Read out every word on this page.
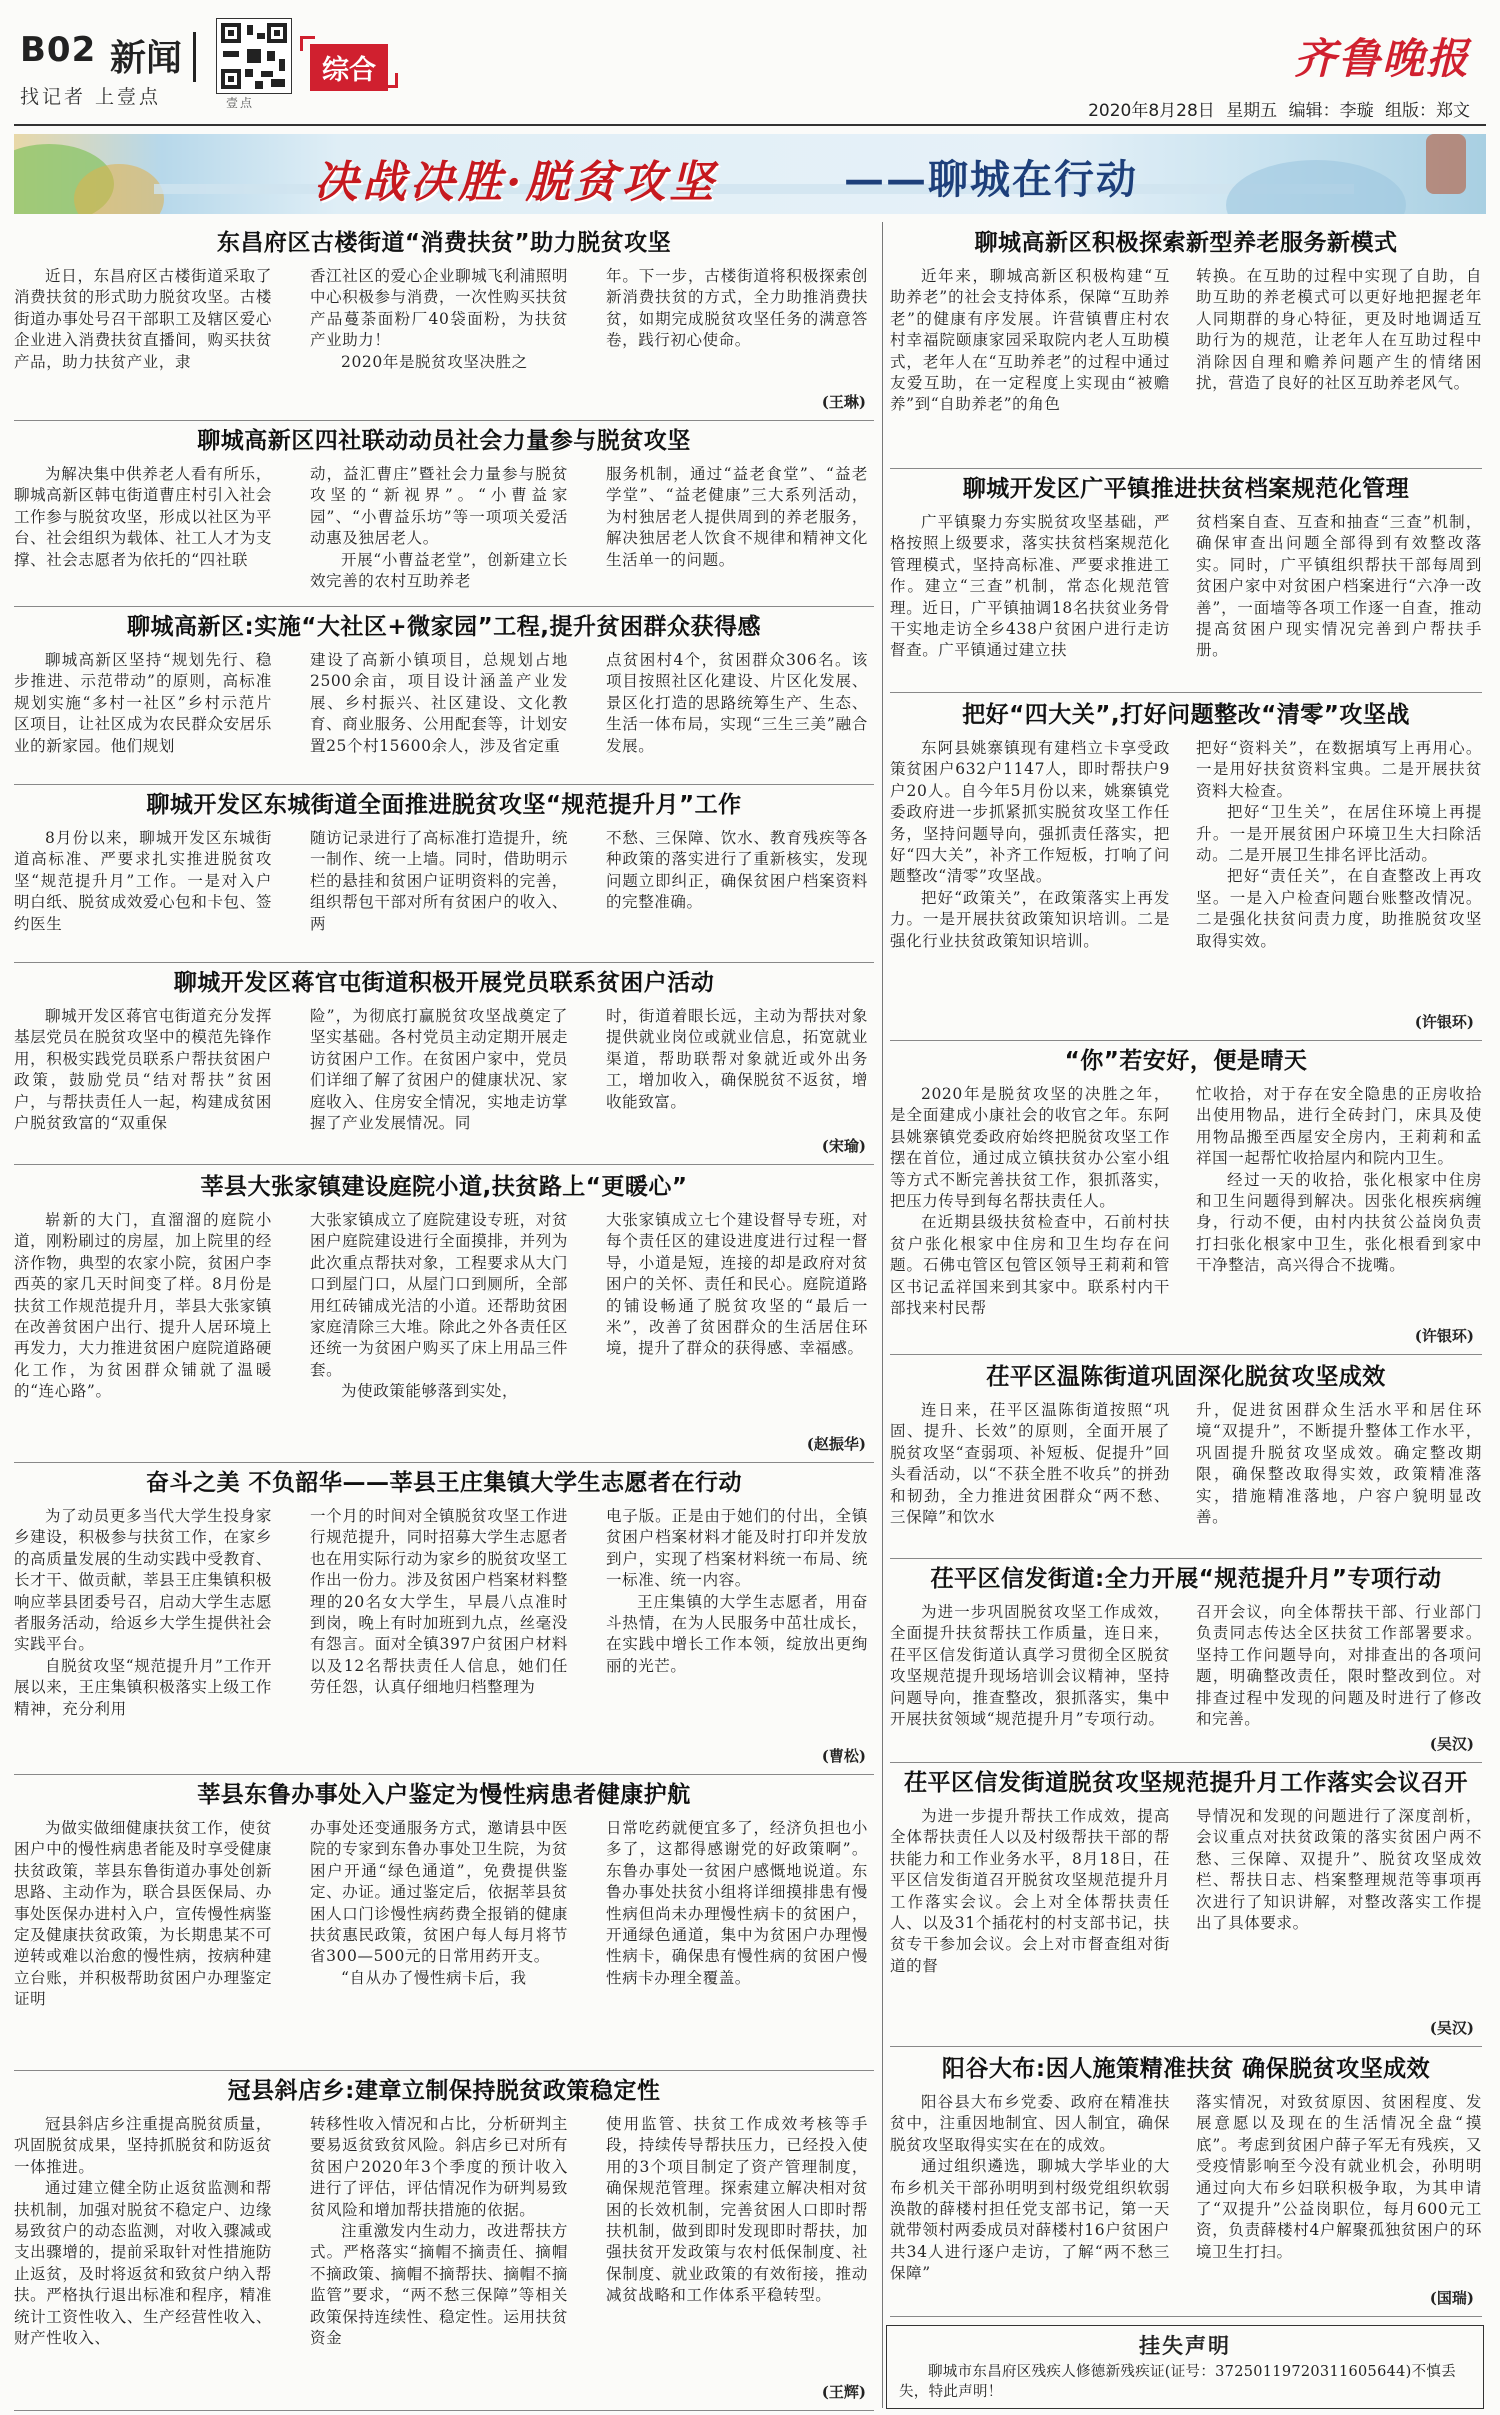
B02 新闻
找记者 上壹点	壹点
综合	齐鲁晚报
2020年8月28日 星期五 编辑：李璇 组版：郑文
决战决胜·脱贫攻坚	——聊城在行动
东昌府区古楼街道“消费扶贫”助力脱贫攻坚

近日，东昌府区古楼街道采取了消费扶贫的形式助力脱贫攻坚。古楼街道办事处号召干部职工及辖区爱心企业进入消费扶贫直播间，购买扶贫产品，助力扶贫产业，隶

香江社区的爱心企业聊城飞利浦照明中心积极参与消费，一次性购买扶贫产品蔓荼面粉厂40袋面粉，为扶贫产业助力！

2020年是脱贫攻坚决胜之

年。下一步，古楼街道将积极探索创新消费扶贫的方式，全力助推消费扶贫，如期完成脱贫攻坚任务的满意答卷，践行初心使命。

(王琳)
聊城高新区四社联动动员社会力量参与脱贫攻坚

为解决集中供养老人看有所乐，聊城高新区韩屯街道曹庄村引入社会工作参与脱贫攻坚，形成以社区为平台、社会组织为载体、社工人才为支撑、社会志愿者为依托的“四社联

动，益汇曹庄”暨社会力量参与脱贫攻坚的“新视界”。“小曹益家园”、“小曹益乐坊”等一项项关爱活动惠及独居老人。

开展“小曹益老堂”，创新建立长效完善的农村互助养老

服务机制，通过“益老食堂”、“益老学堂”、“益老健康”三大系列活动，为村独居老人提供周到的养老服务，解决独居老人饮食不规律和精神文化生活单一的问题。

聊城高新区:实施“大社区+微家园”工程,提升贫困群众获得感

聊城高新区坚持“规划先行、稳步推进、示范带动”的原则，高标准规划实施“多村一社区”乡村示范片区项目，让社区成为农民群众安居乐业的新家园。他们规划

建设了高新小镇项目，总规划占地2500余亩，项目设计涵盖产业发展、乡村振兴、社区建设、文化教育、商业服务、公用配套等，计划安置25个村15600余人，涉及省定重

点贫困村4个，贫困群众306名。该项目按照社区化建设、片区化发展、景区化打造的思路统筹生产、生态、生活一体布局，实现“三生三美”融合发展。

聊城开发区东城街道全面推进脱贫攻坚“规范提升月”工作

8月份以来，聊城开发区东城街道高标准、严要求扎实推进脱贫攻坚“规范提升月”工作。一是对入户明白纸、脱贫成效爱心包和卡包、签约医生

随访记录进行了高标准打造提升，统一制作、统一上墙。同时，借助明示栏的悬挂和贫困户证明资料的完善，组织帮包干部对所有贫困户的收入、两

不愁、三保障、饮水、教育残疾等各种政策的落实进行了重新核实，发现问题立即纠正，确保贫困户档案资料的完整准确。

聊城开发区蒋官屯街道积极开展党员联系贫困户活动

聊城开发区蒋官屯街道充分发挥基层党员在脱贫攻坚中的模范先锋作用，积极实践党员联系户帮扶贫困户政策，鼓励党员“结对帮扶”贫困户，与帮扶责任人一起，构建成贫困户脱贫致富的“双重保

险”，为彻底打赢脱贫攻坚战奠定了坚实基础。各村党员主动定期开展走访贫困户工作。在贫困户家中，党员们详细了解了贫困户的健康状况、家庭收入、住房安全情况，实地走访掌握了产业发展情况。同

时，街道着眼长远，主动为帮扶对象提供就业岗位或就业信息，拓宽就业渠道，帮助联帮对象就近或外出务工，增加收入，确保脱贫不返贫，增收能致富。

(宋瑜)
莘县大张家镇建设庭院小道,扶贫路上“更暖心”

崭新的大门，直溜溜的庭院小道，刚粉刷过的房屋，加上院里的经济作物，典型的农家小院，贫困户李西英的家几天时间变了样。8月份是扶贫工作规范提升月，莘县大张家镇在改善贫困户出行、提升人居环境上再发力，大力推进贫困户庭院道路硬化工作，为贫困群众铺就了温暖的“连心路”。

大张家镇成立了庭院建设专班，对贫困户庭院建设进行全面摸排，并列为此次重点帮扶对象，工程要求从大门口到屋门口，从屋门口到厕所，全部用红砖铺成光洁的小道。还帮助贫困家庭清除三大堆。除此之外各责任区还统一为贫困户购买了床上用品三件套。

为使政策能够落到实处，

大张家镇成立七个建设督导专班，对每个责任区的建设进度进行过程一督导，小道是短，连接的却是政府对贫困户的关怀、责任和民心。庭院道路的铺设畅通了脱贫攻坚的“最后一米”，改善了贫困群众的生活居住环境，提升了群众的获得感、幸福感。

(赵振华)
奋斗之美 不负韶华——莘县王庄集镇大学生志愿者在行动

为了动员更多当代大学生投身家乡建设，积极参与扶贫工作，在家乡的高质量发展的生动实践中受教育、长才干、做贡献，莘县王庄集镇积极响应莘县团委号召，启动大学生志愿者服务活动，给返乡大学生提供社会实践平台。

自脱贫攻坚“规范提升月”工作开展以来，王庄集镇积极落实上级工作精神，充分利用

一个月的时间对全镇脱贫攻坚工作进行规范提升，同时招募大学生志愿者也在用实际行动为家乡的脱贫攻坚工作出一份力。涉及贫困户档案材料整理的20名女大学生，早晨八点准时到岗，晚上有时加班到九点，丝毫没有怨言。面对全镇397户贫困户材料以及12名帮扶责任人信息，她们任劳任怨，认真仔细地归档整理为

电子版。正是由于她们的付出，全镇贫困户档案材料才能及时打印并发放到户，实现了档案材料统一布局、统一标准、统一内容。

王庄集镇的大学生志愿者，用奋斗热情，在为人民服务中茁壮成长，在实践中增长工作本领，绽放出更绚丽的光芒。

(曹松)
莘县东鲁办事处入户鉴定为慢性病患者健康护航

为做实做细健康扶贫工作，使贫困户中的慢性病患者能及时享受健康扶贫政策，莘县东鲁街道办事处创新思路、主动作为，联合县医保局、办事处医保办进村入户，宣传慢性病鉴定及健康扶贫政策，为长期患某不可逆转或难以治愈的慢性病，按病种建立台账，并积极帮助贫困户办理鉴定证明

办事处还变通服务方式，邀请县中医院的专家到东鲁办事处卫生院，为贫困户开通“绿色通道”，免费提供鉴定、办证。通过鉴定后，依据莘县贫困人口门诊慢性病药费全报销的健康扶贫惠民政策，贫困户每人每月将节省300—500元的日常用药开支。

“自从办了慢性病卡后，我

日常吃药就便宜多了，经济负担也小多了，这都得感谢党的好政策啊”。东鲁办事处一贫困户感慨地说道。东鲁办事处扶贫小组将详细摸排患有慢性病但尚未办理慢性病卡的贫困户，开通绿色通道，集中为贫困户办理慢性病卡，确保患有慢性病的贫困户慢性病卡办理全覆盖。

冠县斜店乡:建章立制保持脱贫政策稳定性

冠县斜店乡注重提高脱贫质量，巩固脱贫成果，坚持抓脱贫和防返贫一体推进。

通过建立健全防止返贫监测和帮扶机制，加强对脱贫不稳定户、边缘易致贫户的动态监测，对收入骤减或支出骤增的，提前采取针对性措施防止返贫，及时将返贫和致贫户纳入帮扶。严格执行退出标准和程序，精准统计工资性收入、生产经营性收入、财产性收入、

转移性收入情况和占比，分析研判主要易返贫致贫风险。斜店乡已对所有贫困户2020年3个季度的预计收入进行了评估，评估情况作为研判易致贫风险和增加帮扶措施的依据。

注重激发内生动力，改进帮扶方式。严格落实“摘帽不摘责任、摘帽不摘政策、摘帽不摘帮扶、摘帽不摘监管”要求，“两不愁三保障”等相关政策保持连续性、稳定性。运用扶贫资金

使用监管、扶贫工作成效考核等手段，持续传导帮扶压力，已经投入使用的3个项目制定了资产管理制度，确保规范管理。探索建立解决相对贫困的长效机制，完善贫困人口即时帮扶机制，做到即时发现即时帮扶，加强扶贫开发政策与农村低保制度、社保制度、就业政策的有效衔接，推动减贫战略和工作体系平稳转型。

(王辉)
聊城高新区积极探索新型养老服务新模式

近年来，聊城高新区积极构建“互助养老”的社会支持体系，保障“互助养老”的健康有序发展。许营镇曹庄村农村幸福院颐康家园采取院内老人互助模式，老年人在“互助养老”的过程中通过友爱互助，在一定程度上实现由“被赡养”到“自助养老”的角色

转换。在互助的过程中实现了自助，自助互助的养老模式可以更好地把握老年人同期群的身心特征，更及时地调适互助行为的规范，让老年人在互助过程中消除因自理和赡养问题产生的情绪困扰，营造了良好的社区互助养老风气。

聊城开发区广平镇推进扶贫档案规范化管理

广平镇聚力夯实脱贫攻坚基础，严格按照上级要求，落实扶贫档案规范化管理模式，坚持高标准、严要求推进工作。建立“三查”机制，常态化规范管理。近日，广平镇抽调18名扶贫业务骨干实地走访全乡438户贫困户进行走访督查。广平镇通过建立扶

贫档案自查、互查和抽查“三查”机制，确保审查出问题全部得到有效整改落实。同时，广平镇组织帮扶干部每周到贫困户家中对贫困户档案进行“六净一改善”，一面墙等各项工作逐一自查，推动提高贫困户现实情况完善到户帮扶手册。

把好“四大关”,打好问题整改“清零”攻坚战

东阿县姚寨镇现有建档立卡享受政策贫困户632户1147人，即时帮扶户9户20人。自今年5月份以来，姚寨镇党委政府进一步抓紧抓实脱贫攻坚工作任务，坚持问题导向，强抓责任落实，把好“四大关”，补齐工作短板，打响了问题整改“清零”攻坚战。

把好“政策关”，在政策落实上再发力。一是开展扶贫政策知识培训。二是强化行业扶贫政策知识培训。

把好“资料关”，在数据填写上再用心。一是用好扶贫资料宝典。二是开展扶贫资料大检查。

把好“卫生关”，在居住环境上再提升。一是开展贫困户环境卫生大扫除活动。二是开展卫生排名评比活动。

把好“责任关”，在自查整改上再攻坚。一是入户检查问题台账整改情况。二是强化扶贫问责力度，助推脱贫攻坚取得实效。

(许银环)
“你”若安好，便是晴天

2020年是脱贫攻坚的决胜之年，是全面建成小康社会的收官之年。东阿县姚寨镇党委政府始终把脱贫攻坚工作摆在首位，通过成立镇扶贫办公室小组等方式不断完善扶贫工作，狠抓落实，把压力传导到每名帮扶责任人。

在近期县级扶贫检查中，石前村扶贫户张化根家中住房和卫生均存在问题。石佛屯管区包管区领导王莉莉和管区书记孟祥国来到其家中。联系村内干部找来村民帮

忙收拾，对于存在安全隐患的正房收拾出使用物品，进行全砖封门，床具及使用物品搬至西屋安全房内，王莉莉和孟祥国一起帮忙收拾屋内和院内卫生。

经过一天的收拾，张化根家中住房和卫生问题得到解决。因张化根疾病缠身，行动不便，由村内扶贫公益岗负责打扫张化根家中卫生，张化根看到家中干净整洁，高兴得合不拢嘴。

(许银环)
茌平区温陈街道巩固深化脱贫攻坚成效

连日来，茌平区温陈街道按照“巩固、提升、长效”的原则，全面开展了脱贫攻坚“查弱项、补短板、促提升”回头看活动，以“不获全胜不收兵”的拼劲和韧劲，全力推进贫困群众“两不愁、三保障”和饮水

升，促进贫困群众生活水平和居住环境“双提升”，不断提升整体工作水平，巩固提升脱贫攻坚成效。确定整改期限，确保整改取得实效，政策精准落实，措施精准落地，户容户貌明显改善。

茌平区信发街道:全力开展“规范提升月”专项行动

为进一步巩固脱贫攻坚工作成效，全面提升扶贫帮扶工作质量，连日来，茌平区信发街道认真学习贯彻全区脱贫攻坚规范提升现场培训会议精神，坚持问题导向，推查整改，狠抓落实，集中开展扶贫领域“规范提升月”专项行动。

召开会议，向全体帮扶干部、行业部门负责同志传达全区扶贫工作部署要求。坚持工作问题导向，对排查出的各项问题，明确整改责任，限时整改到位。对排查过程中发现的问题及时进行了修改和完善。

(吴汉)
茌平区信发街道脱贫攻坚规范提升月工作落实会议召开

为进一步提升帮扶工作成效，提高全体帮扶责任人以及村级帮扶干部的帮扶能力和工作业务水平，8月18日，茌平区信发街道召开脱贫攻坚规范提升月工作落实会议。会上对全体帮扶责任人、以及31个插花村的村支部书记，扶贫专干参加会议。会上对市督查组对街道的督

导情况和发现的问题进行了深度剖析，会议重点对扶贫政策的落实贫困户两不愁、三保障、双提升”、脱贫攻坚成效栏、帮扶日志、档案整理规范等事项再次进行了知识讲解，对整改落实工作提出了具体要求。

(吴汉)
阳谷大布:因人施策精准扶贫 确保脱贫攻坚成效

阳谷县大布乡党委、政府在精准扶贫中，注重因地制宜、因人制宜，确保脱贫攻坚取得实实在在的成效。

通过组织遴选，聊城大学毕业的大布乡机关干部孙明明到村级党组织软弱涣散的薛楼村担任党支部书记，第一天就带领村两委成员对薛楼村16户贫困户共34人进行逐户走访，了解“两不愁三保障”

落实情况，对致贫原因、贫困程度、发展意愿以及现在的生活情况全盘“摸底”。考虑到贫困户薛子军无有残疾，又受疫情影响至今没有就业机会，孙明明通过向大布乡妇联积极争取，为其申请了“双提升”公益岗职位，每月600元工资，负责薛楼村4户解聚孤独贫困户的环境卫生打扫。

(国瑞)
挂失声明
聊城市东昌府区残疾人修德新残疾证(证号：37250119720311605644)不慎丢失，特此声明！
